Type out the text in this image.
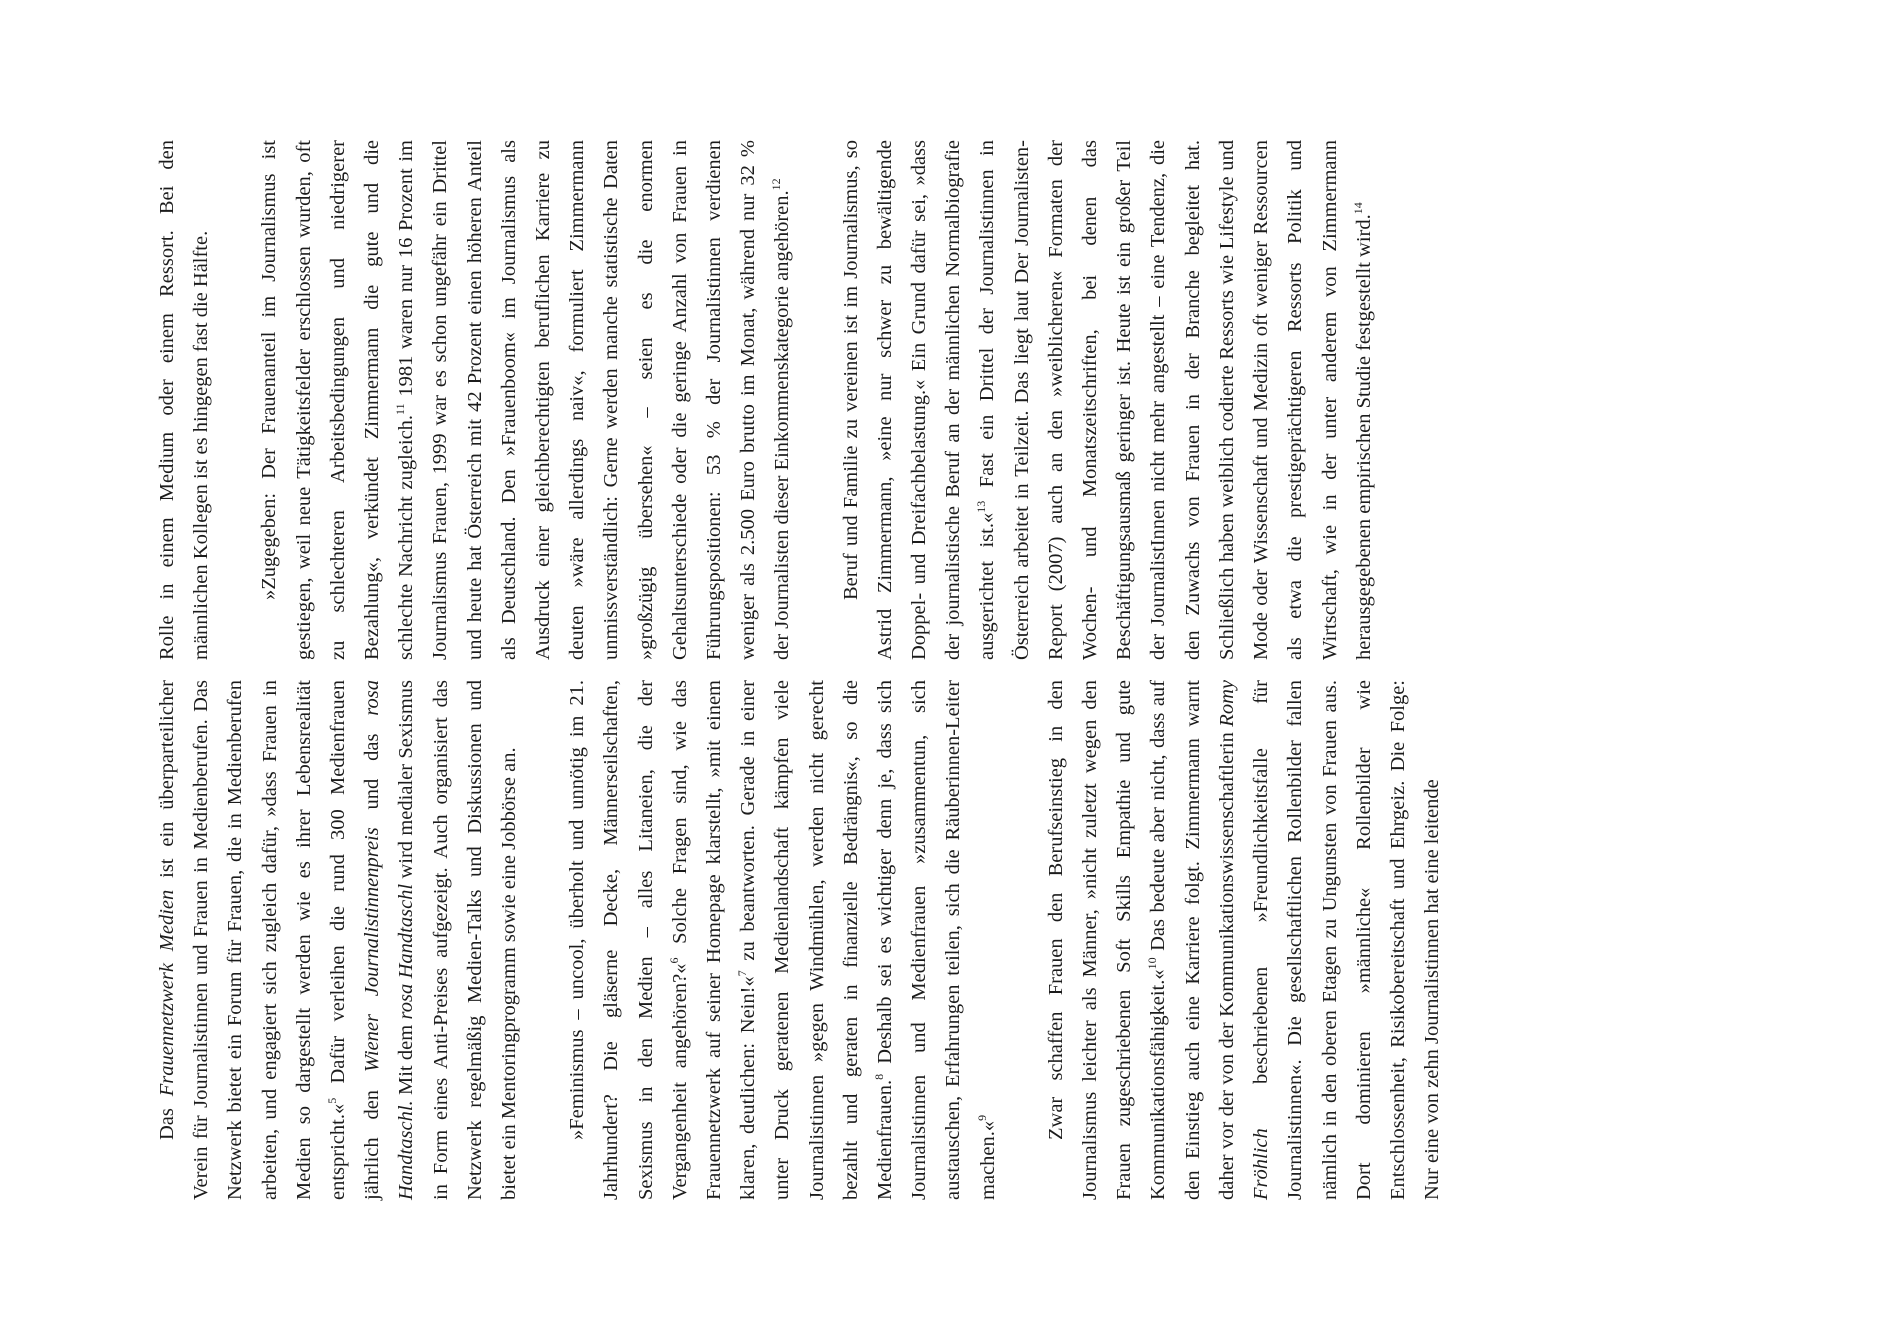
Das Frauennetzwerk Medien ist ein überparteilicher Verein für Journalistinnen und Frauen in Medienberufen. Das Netzwerk bietet ein Forum für Frauen, die in Medienberufen arbeiten, und engagiert sich zugleich dafür, »dass Frauen in Medien so dargestellt werden wie es ihrer Lebensrealität entspricht.«$^5$ Dafür verleihen die rund 300 Medienfrauen jährlich den Wiener Journalistinnenpreis und das rosa Handtaschl. Mit dem rosa Handtaschl wird medialer Sexismus in Form eines Anti-Preises aufgezeigt. Auch organisiert das Netzwerk regelmäßig Medien-Talks und Diskussionen und bietet ein Mentoringprogramm sowie eine Jobbörse an.	»Feminismus – uncool, überholt und unnötig im 21. Jahrhundert? Die gläserne Decke, Männerseilschaften, Sexismus in den Medien – alles Litaneien, die der Vergangenheit angehören?«$^6$ Solche Fragen sind, wie das Frauennetzwerk auf seiner Homepage klarstellt, »mit einem klaren, deutlichen: Nein!«$^7$ zu beantworten. Gerade in einer unter Druck geratenen Medienlandschaft kämpfen viele Journalistinnen »gegen Windmühlen, werden nicht gerecht bezahlt und geraten in finanzielle Bedrängnis«, so die Medienfrauen.$^8$ Deshalb sei es wichtiger denn je, dass sich Journalistinnen und Medienfrauen »zusammentun, sich austauschen, Erfahrungen teilen, sich die Räuberinnen-Leiter machen.«$^9$	Zwar schaffen Frauen den Berufseinstieg in den Journalismus leichter als Männer, »nicht zuletzt wegen den Frauen zugeschriebenen Soft Skills Empathie und gute Kommunikationsfähigkeit.«$^{10}$ Das bedeute aber nicht, dass auf den Einstieg auch eine Karriere folgt. Zimmermann warnt daher vor der von der Kommunikationswissenschaftlerin Romy Fröhlich beschriebenen »Freundlichkeitsfalle für Journalistinnen«. Die gesellschaftlichen Rollenbilder fallen nämlich in den oberen Etagen zu Ungunsten von Frauen aus. Dort dominieren »männliche« Rollenbilder wie Entschlossenheit, Risikobereitschaft und Ehrgeiz. Die Folge: Nur eine von zehn Journalistinnen hat eine leitende

Rolle in einem Medium oder einem Ressort. Bei den männlichen Kollegen ist es hingegen fast die Hälfte.	»Zugegeben: Der Frauenanteil im Journalismus ist gestiegen, weil neue Tätigkeitsfelder erschlossen wurden, oft zu schlechteren Arbeitsbedingungen und niedrigerer Bezahlung«, verkündet Zimmermann die gute und die schlechte Nachricht zugleich.$^{11}$ 1981 waren nur 16 Prozent im Journalismus Frauen, 1999 war es schon ungefähr ein Drittel und heute hat Österreich mit 42 Prozent einen höheren Anteil als Deutschland. Den »Frauenboom« im Journalismus als Ausdruck einer gleichberechtigten beruflichen Karriere zu deuten »wäre allerdings naiv«, formuliert Zimmermann unmissverständlich: Gerne werden manche statistische Daten »großzügig übersehen« – seien es die enormen Gehaltsunterschiede oder die geringe Anzahl von Frauen in Führungspositionen: 53 % der Journalistinnen verdienen weniger als 2.500 Euro brutto im Monat, während nur 32 % der Journalisten dieser Einkommenskategorie angehören.$^{12}$	Beruf und Familie zu vereinen ist im Journalismus, so Astrid Zimmermann, »eine nur schwer zu bewältigende Doppel- und Dreifachbelastung.« Ein Grund dafür sei, »dass der journalistische Beruf an der männlichen Normalbiografie ausgerichtet ist.«$^{13}$ Fast ein Drittel der Journalistinnen in Österreich arbeitet in Teilzeit. Das liegt laut Der Journalisten-Report (2007) auch an den »weiblicheren« Formaten der Wochen- und Monatszeitschriften, bei denen das Beschäftigungsausmaß geringer ist. Heute ist ein großer Teil der JournalistInnen nicht mehr angestellt – eine Tendenz, die den Zuwachs von Frauen in der Branche begleitet hat. Schließlich haben weiblich codierte Ressorts wie Lifestyle und Mode oder Wissenschaft und Medizin oft weniger Ressourcen als etwa die prestigeprächtigeren Ressorts Politik und Wirtschaft, wie in der unter anderem von Zimmermann herausgegebenen empirischen Studie festgestellt wird.$^{14}$
